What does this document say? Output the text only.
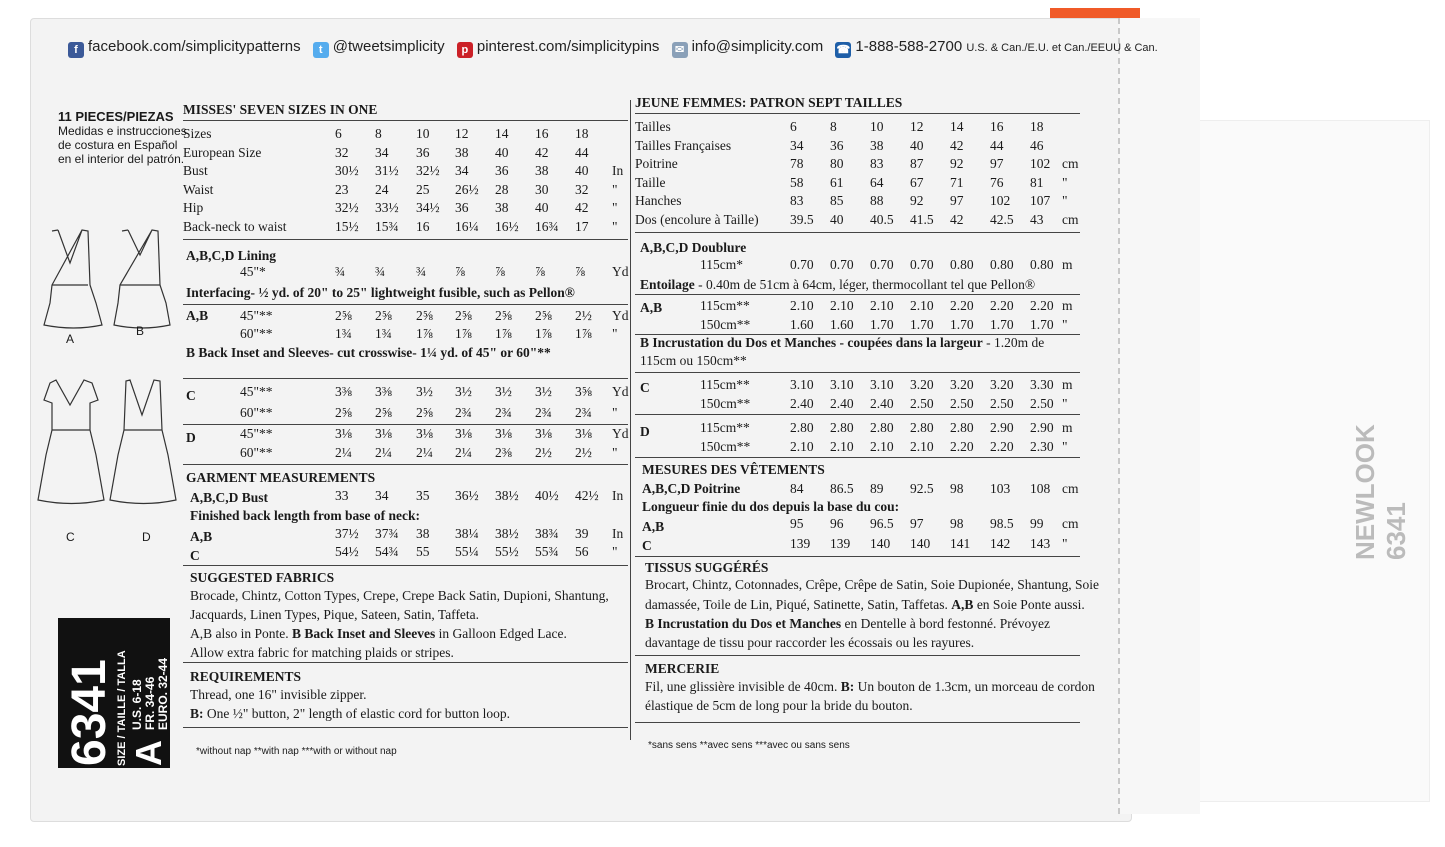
NEWLOOK 6341
f facebook.com/simplicitypatterns t @tweetsimplicity p pinterest.com/simplicitypins ✉ info@simplicity.com ☎ 1-888-588-2700 U.S. & Can./E.U. et Can./EEUU & Can.
11 PIECES/PIEZAS
Medidas e instrucciones
de costura en Español
en el interior del patrón.
A
B
C	D
6341 SIZE / TAILLE / TALLA A
U.S. 6-18 FR. 34-46 EURO. 32-44
MISSES' SEVEN SIZES IN ONE
Sizes	6 8	10 12 14 16 18
European Size	32 34 36 38 40 42 44
Bust	30½ 31½ 32½ 34 36 38 40 In
Waist	23 24 25 26½ 28 30 32 "
Hip	32½ 33½ 34½ 36 38 40 42 "
Back-neck to waist	15½ 15¾ 16 16¼ 16½ 16¾ 17 "
A,B,C,D Lining
45"*	¾ ¾ ¾ ⅞ ⅞ ⅞ ⅞ Yd
Interfacing- ½ yd. of 20" to 25" lightweight fusible, such as Pellon®
A,B 45"**	2⅝ 2⅝ 2⅝ 2⅝ 2⅝ 2⅝ 2½ Yd
60"**	1¾ 1¾ 1⅞ 1⅞ 1⅞ 1⅞ 1⅞ "
B Back Inset and Sleeves- cut crosswise- 1¼ yd. of 45" or 60"**
C	45"**	3⅜ 3⅜ 3½ 3½ 3½ 3½ 3⅝ Yd
60"**	2⅝ 2⅝ 2⅝ 2¾ 2¾ 2¾ 2¾ "
D	45"**	3⅛ 3⅛ 3⅛ 3⅛ 3⅛ 3⅛ 3⅛ Yd
60"**	2¼ 2¼ 2¼ 2¼ 2⅜ 2½ 2½ "
GARMENT MEASUREMENTS
A,B,C,D Bust	33 34 35 36½ 38½ 40½ 42½ In
Finished back length from base of neck:
A,B	37½ 37¾ 38 38¼ 38½ 38¾ 39 In
C	54½ 54¾ 55 55¼ 55½ 55¾ 56 "
SUGGESTED FABRICS
Brocade, Chintz, Cotton Types, Crepe, Crepe Back Satin, Dupioni, Shantung,
Jacquards, Linen Types, Pique, Sateen, Satin, Taffeta.
A,B also in Ponte. B Back Inset and Sleeves in Galloon Edged Lace.
Allow extra fabric for matching plaids or stripes.
REQUIREMENTS
Thread, one 16" invisible zipper.
B: One ½" button, 2" length of elastic cord for button loop.
*without nap **with nap ***with or without nap
JEUNE FEMMES: PATRON SEPT TAILLES
Tailles	6 8 10 12 14 16 18
Tailles Françaises	34 36 38 40 42 44 46
Poitrine	78 80 83 87 92 97 102 cm
Taille	58 61 64 67 71 76 81 "
Hanches	83 85 88 92 97 102 107 "
Dos (encolure à Taille) 39.5 40 40.5 41.5 42 42.5 43 cm
A,B,C,D Doublure
115cm*	0.70 0.70 0.70 0.70 0.80 0.80 0.80 m
Entoilage - 0.40m de 51cm à 64cm, léger, thermocollant tel que Pellon®
A,B	115cm**	2.10 2.10 2.10 2.10 2.20 2.20 2.20 m
150cm**	1.60 1.60 1.70 1.70 1.70 1.70 1.70 "
B Incrustation du Dos et Manches - coupées dans la largeur - 1.20m de
115cm ou 150cm**
C	115cm**	3.10 3.10 3.10 3.20 3.20 3.20 3.30 m
150cm**	2.40 2.40 2.40 2.50 2.50 2.50 2.50 "
D	115cm**	2.80 2.80 2.80 2.80 2.80 2.90 2.90 m
150cm**	2.10 2.10 2.10 2.10 2.20 2.20 2.30 "
MESURES DES VÊTEMENTS
A,B,C,D Poitrine	84 86.5 89 92.5 98 103 108 cm
Longueur finie du dos depuis la base du cou:
A,B	95 96 96.5 97 98 98.5 99 cm
C	139 139 140 140 141 142 143 "
TISSUS SUGGÉRÉS
Brocart, Chintz, Cotonnades, Crêpe, Crêpe de Satin, Soie Dupionée, Shantung, Soie
damassée, Toile de Lin, Piqué, Satinette, Satin, Taffetas. A,B en Soie Ponte aussi.
B Incrustation du Dos et Manches en Dentelle à bord festonné. Prévoyez
davantage de tissu pour raccorder les écossais ou les rayures.
MERCERIE
Fil, une glissière invisible de 40cm. B: Un bouton de 1.3cm, un morceau de cordon
élastique de 5cm de long pour la bride du bouton.
*sans sens **avec sens ***avec ou sans sens
